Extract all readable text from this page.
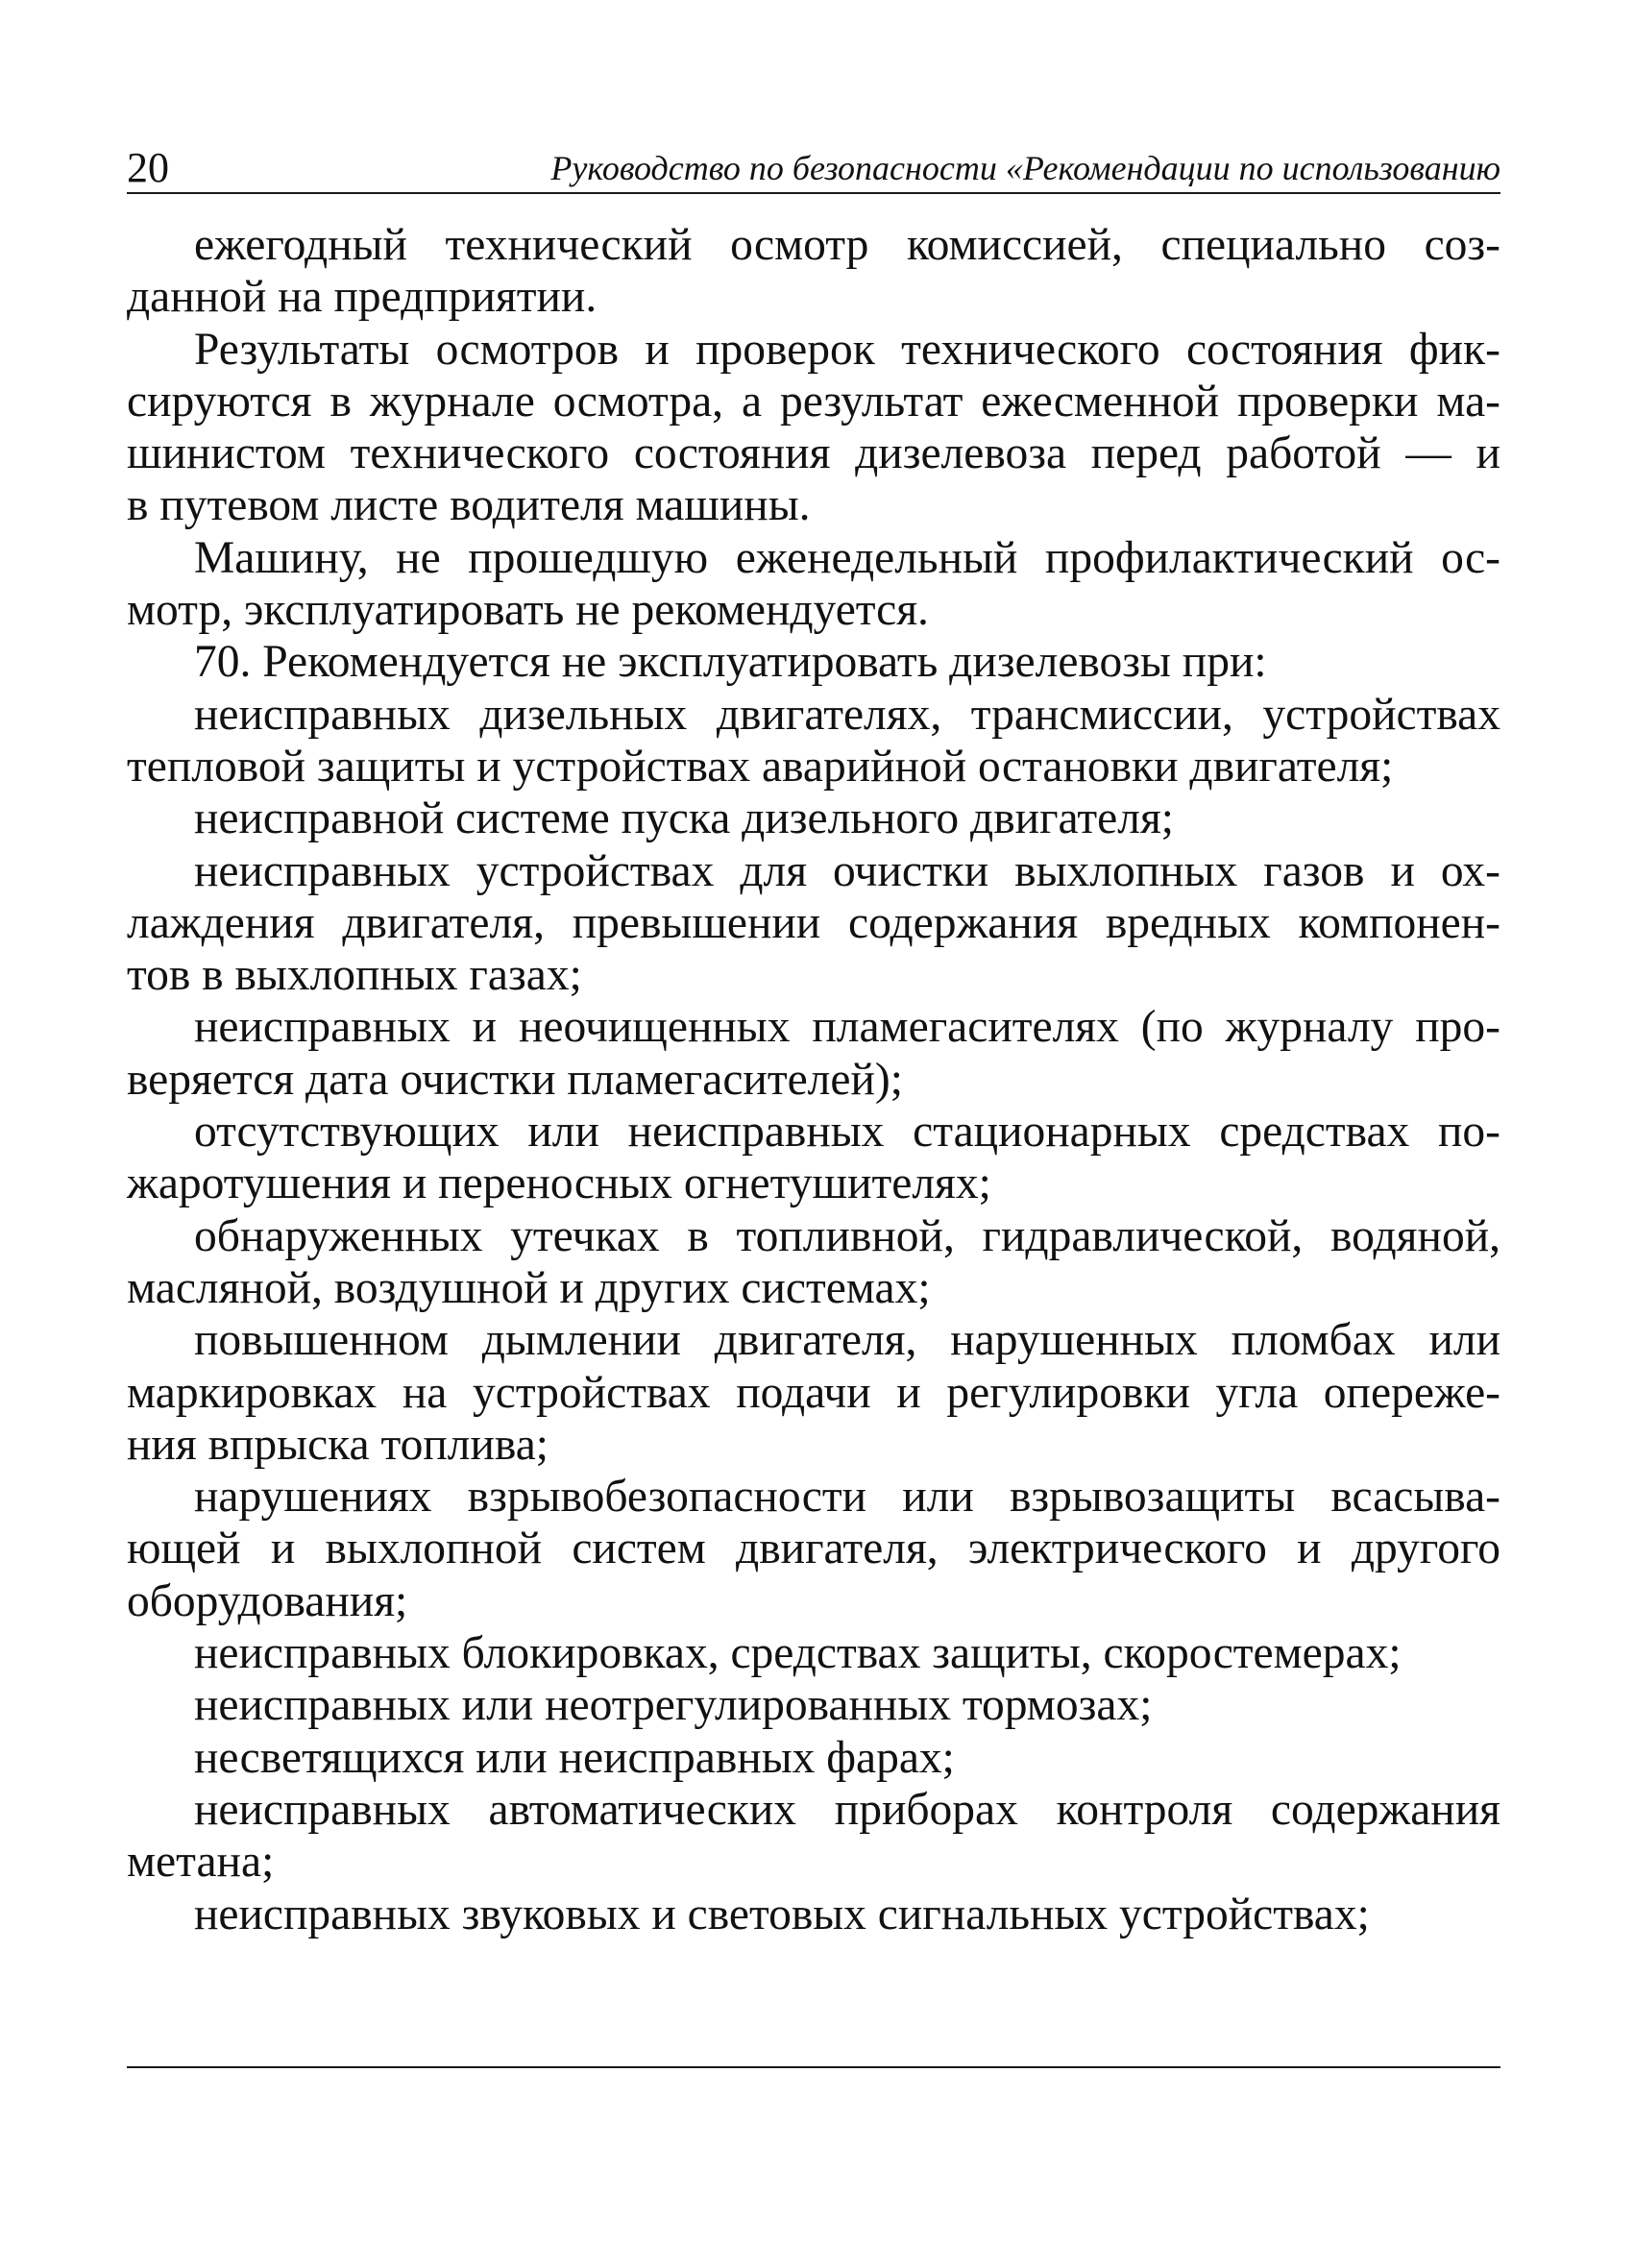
20	Руководство по безопасности «Рекомендации по использованию
ежегодный технический осмотр комиссией, специально соз-
данной на предприятии.
Результаты осмотров и проверок технического состояния фик-
сируются в журнале осмотра, а результат ежесменной проверки ма-
шинистом технического состояния дизелевоза перед работой — и
в путевом листе водителя машины.
Машину, не прошедшую еженедельный профилактический ос-
мотр, эксплуатировать не рекомендуется.
70. Рекомендуется не эксплуатировать дизелевозы при:
неисправных дизельных двигателях, трансмиссии, устройствах
тепловой защиты и устройствах аварийной остановки двигателя;
неисправной системе пуска дизельного двигателя;
неисправных устройствах для очистки выхлопных газов и ох-
лаждения двигателя, превышении содержания вредных компонен-
тов в выхлопных газах;
неисправных и неочищенных пламегасителях (по журналу про-
веряется дата очистки пламегасителей);
отсутствующих или неисправных стационарных средствах по-
жаротушения и переносных огнетушителях;
обнаруженных утечках в топливной, гидравлической, водяной,
масляной, воздушной и других системах;
повышенном дымлении двигателя, нарушенных пломбах или
маркировках на устройствах подачи и регулировки угла опереже-
ния впрыска топлива;
нарушениях взрывобезопасности или взрывозащиты всасыва-
ющей и выхлопной систем двигателя, электрического и другого
оборудования;
неисправных блокировках, средствах защиты, скоростемерах;
неисправных или неотрегулированных тормозах;
несветящихся или неисправных фарах;
неисправных автоматических приборах контроля содержания
метана;
неисправных звуковых и световых сигнальных устройствах;
